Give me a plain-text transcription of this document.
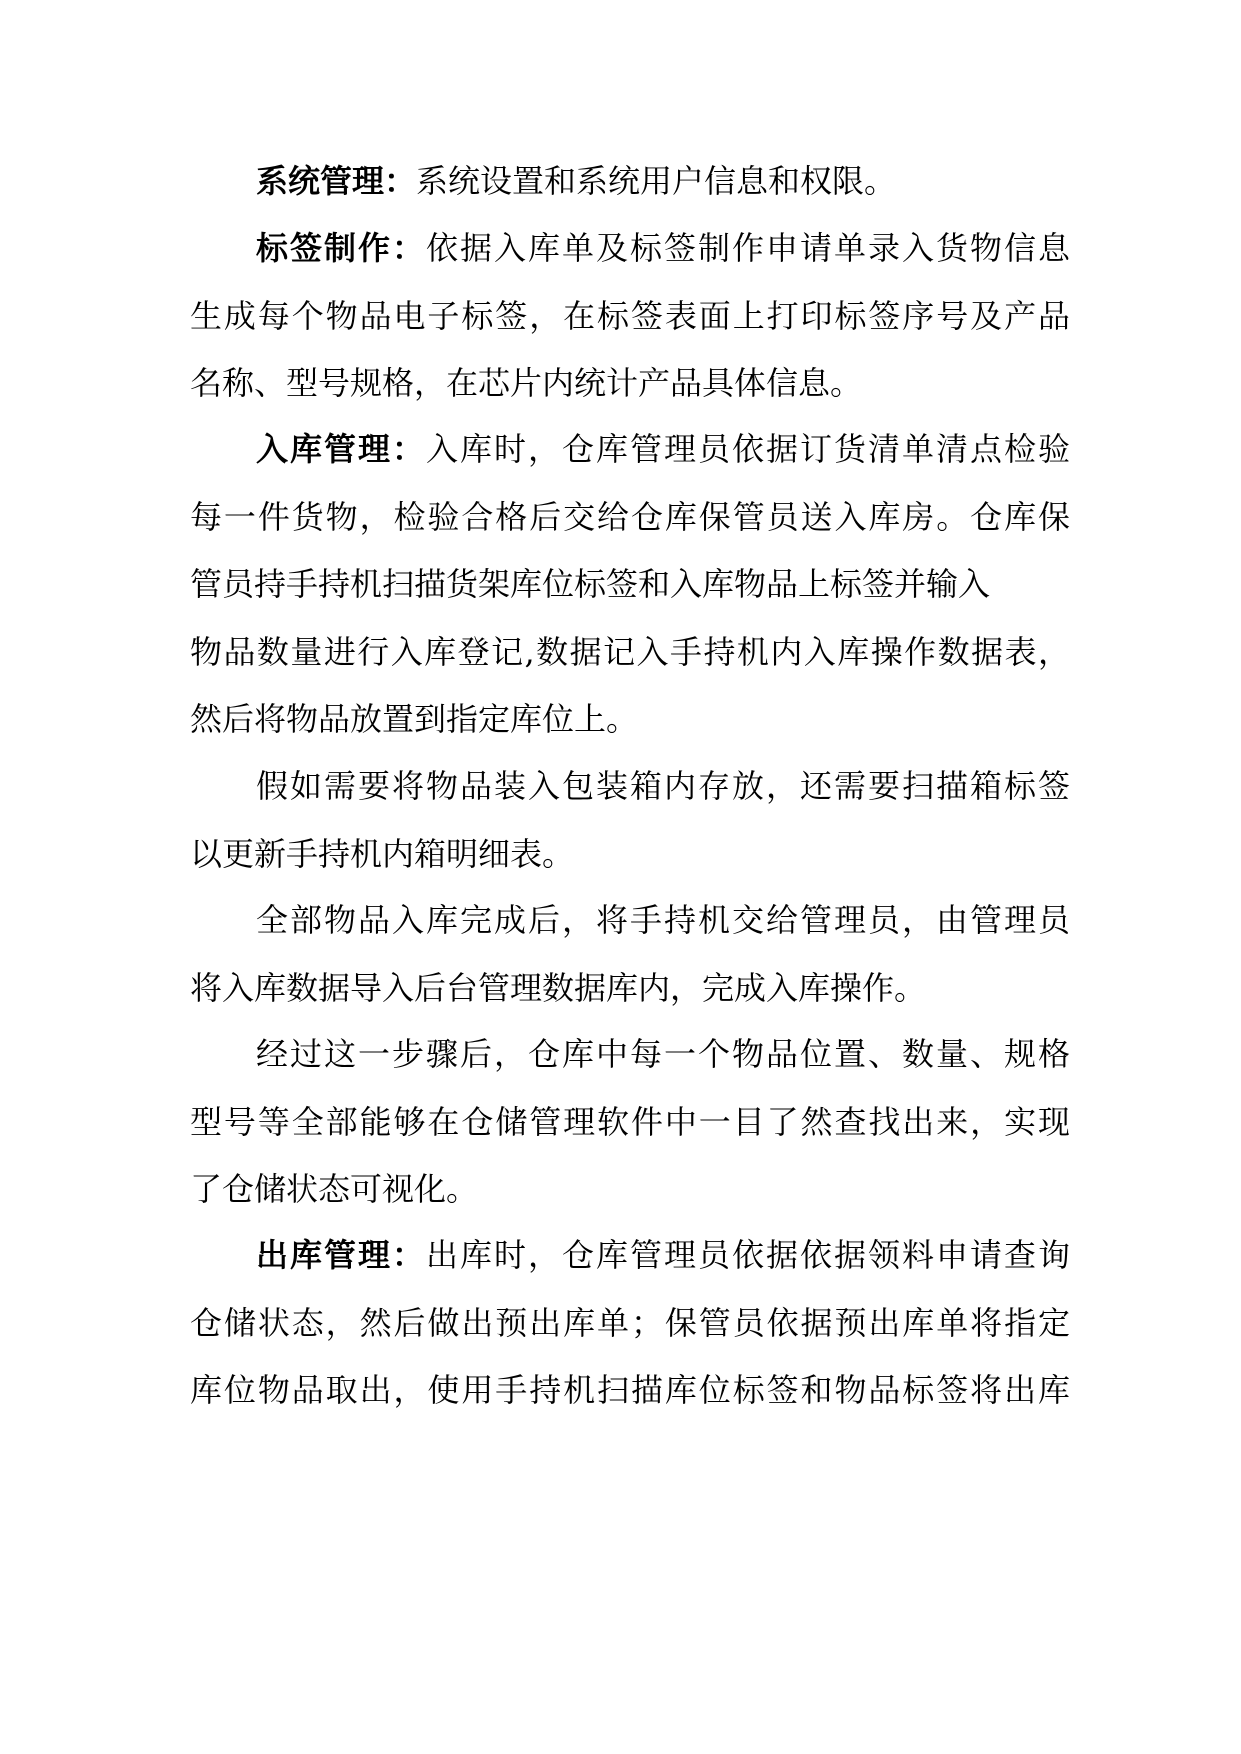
系统管理：系统设置和系统用户信息和权限。

标签制作：依据入库单及标签制作申请单录入货物信息
生成每个物品电子标签，在标签表面上打印标签序号及产品
名称、型号规格，在芯片内统计产品具体信息。

入库管理：入库时，仓库管理员依据订货清单清点检验
每一件货物，检验合格后交给仓库保管员送入库房。仓库保
管员持手持机扫描货架库位标签和入库物品上标签并输入
物品数量进行入库登记,数据记入手持机内入库操作数据表，
然后将物品放置到指定库位上。

假如需要将物品装入包装箱内存放，还需要扫描箱标签
以更新手持机内箱明细表。

全部物品入库完成后，将手持机交给管理员，由管理员
将入库数据导入后台管理数据库内，完成入库操作。

经过这一步骤后，仓库中每一个物品位置、数量、规格
型号等全部能够在仓储管理软件中一目了然查找出来，实现
了仓储状态可视化。

出库管理：出库时，仓库管理员依据依据领料申请查询
仓储状态，然后做出预出库单；保管员依据预出库单将指定
库位物品取出，使用手持机扫描库位标签和物品标签将出库
